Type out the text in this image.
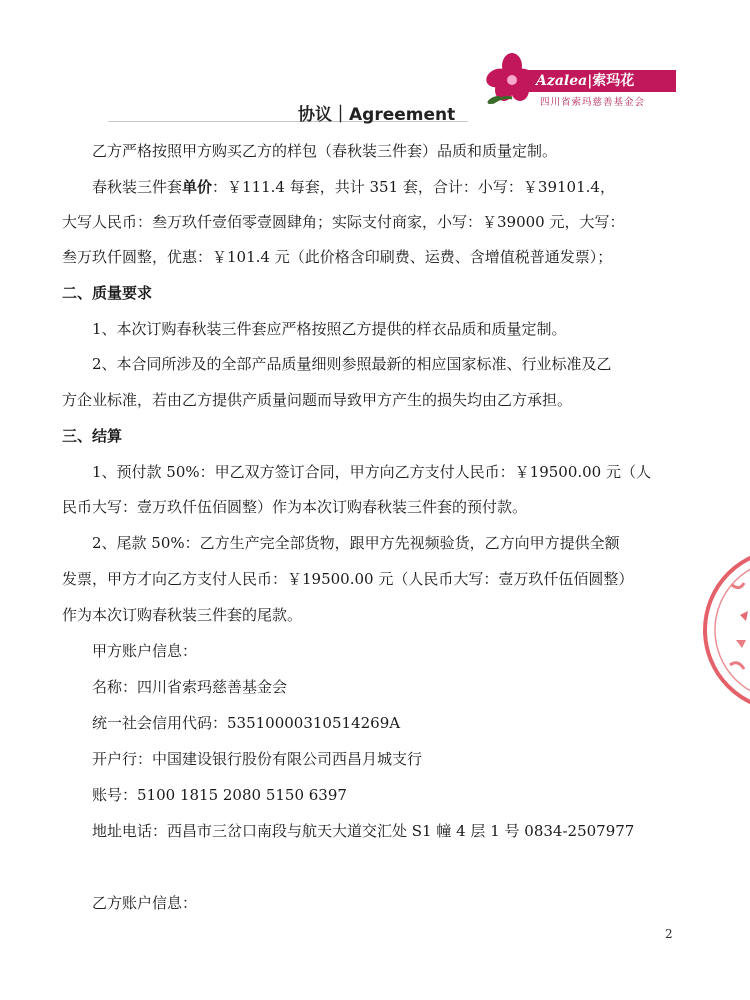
Azalea|索玛花
四川省索玛慈善基金会
协议｜Agreement
乙方严格按照甲方购买乙方的样包（春秋装三件套）品质和质量定制。
春秋装三件套单价：￥111.4 每套，共计 351 套，合计：小写：￥39101.4，
大写人民币：叁万玖仟壹佰零壹圆肆角；实际支付商家，小写：￥39000 元，大写：
叁万玖仟圆整，优惠：￥101.4 元（此价格含印刷费、运费、含增值税普通发票）；
二、质量要求
1、本次订购春秋装三件套应严格按照乙方提供的样衣品质和质量定制。
2、本合同所涉及的全部产品质量细则参照最新的相应国家标准、行业标准及乙
方企业标准，若由乙方提供产质量问题而导致甲方产生的损失均由乙方承担。
三、结算
1、预付款 50%：甲乙双方签订合同，甲方向乙方支付人民币：￥19500.00 元（人
民币大写：壹万玖仟伍佰圆整）作为本次订购春秋装三件套的预付款。
2、尾款 50%：乙方生产完全部货物，跟甲方先视频验货，乙方向甲方提供全额
发票，甲方才向乙方支付人民币：￥19500.00 元（人民币大写：壹万玖仟伍佰圆整）
作为本次订购春秋装三件套的尾款。
甲方账户信息：
名称：四川省索玛慈善基金会
统一社会信用代码：53510000310514269A
开户行：中国建设银行股份有限公司西昌月城支行
账号：5100 1815 2080 5150 6397
地址电话：西昌市三岔口南段与航天大道交汇处 S1 幢 4 层 1 号 0834-2507977
乙方账户信息：
2
